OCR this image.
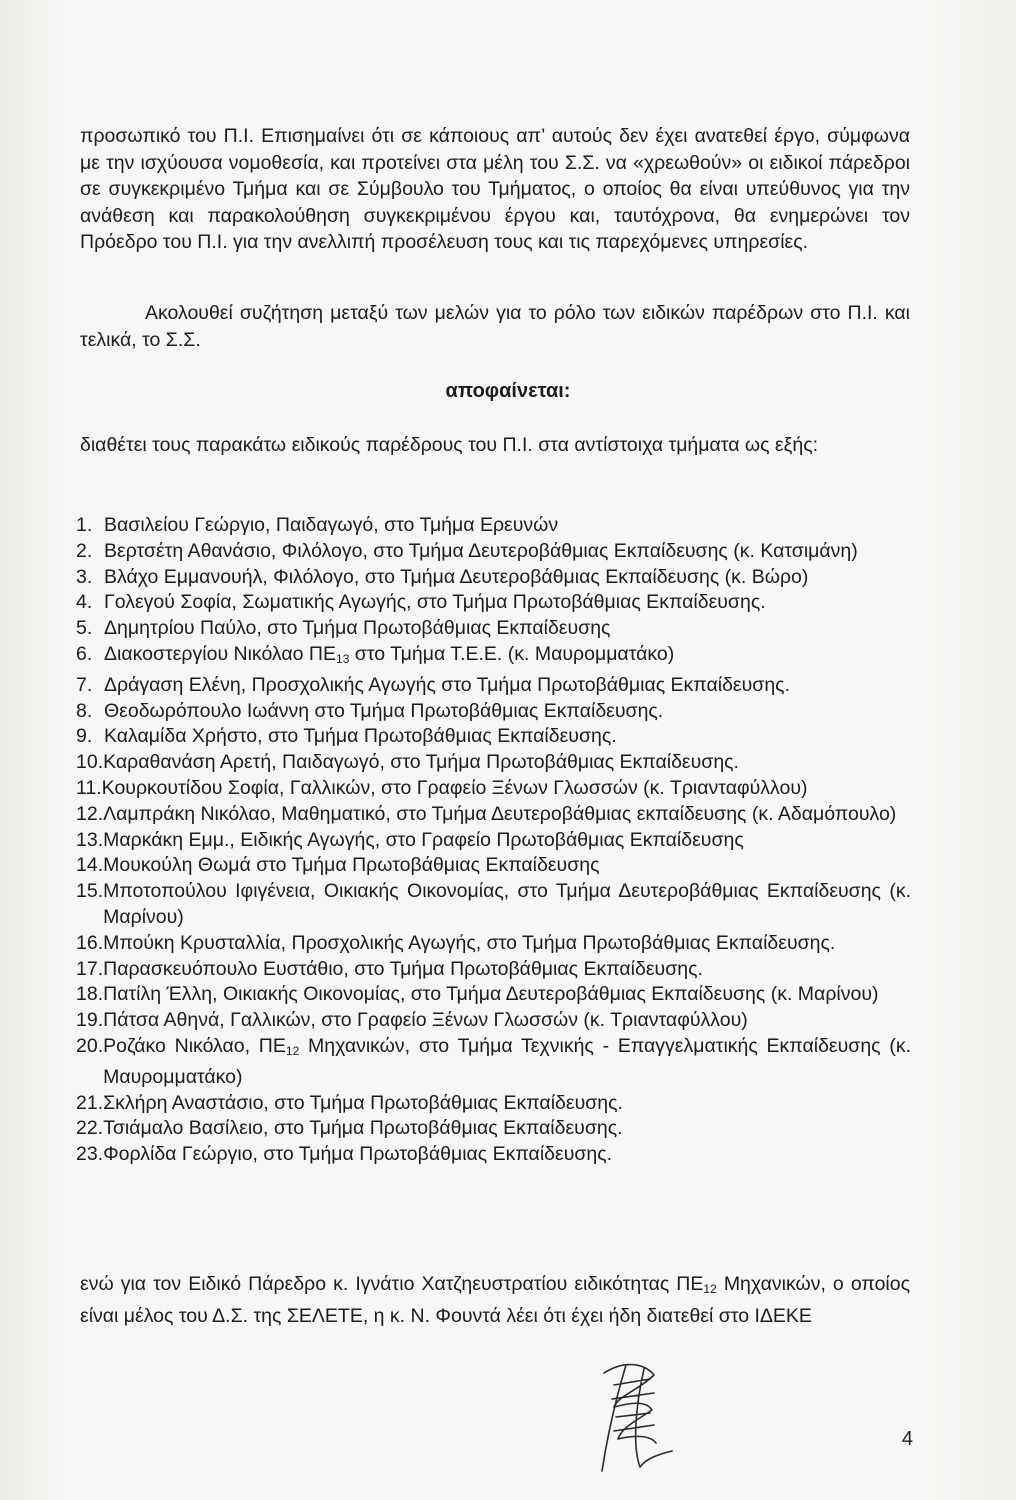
προσωπικό του Π.Ι. Επισημαίνει ότι σε κάποιους απ’ αυτούς δεν έχει ανατεθεί έργο, σύμφωνα με την ισχύουσα νομοθεσία, και προτείνει στα μέλη του Σ.Σ. να «χρεωθούν» οι ειδικοί πάρεδροι σε συγκεκριμένο Τμήμα και σε Σύμβουλο του Τμήματος, ο οποίος θα είναι υπεύθυνος για την ανάθεση και παρακολούθηση συγκεκριμένου έργου και, ταυτόχρονα, θα ενημερώνει τον Πρόεδρο του Π.Ι. για την ανελλιπή προσέλευση τους και τις παρεχόμενες υπηρεσίες.
Ακολουθεί συζήτηση μεταξύ των μελών για το ρόλο των ειδικών παρέδρων στο Π.Ι. και τελικά, το Σ.Σ.
αποφαίνεται:
διαθέτει τους παρακάτω ειδικούς παρέδρους του Π.Ι. στα αντίστοιχα τμήματα ως εξής:
1. Βασιλείου Γεώργιο, Παιδαγωγό, στο Τμήμα Ερευνών
2. Βερτσέτη Αθανάσιο, Φιλόλογο, στο Τμήμα Δευτεροβάθμιας Εκπαίδευσης (κ. Κατσιμάνη)
3. Βλάχο Εμμανουήλ, Φιλόλογο, στο Τμήμα Δευτεροβάθμιας Εκπαίδευσης (κ. Βώρο)
4. Γολεγού Σοφία, Σωματικής Αγωγής, στο Τμήμα Πρωτοβάθμιας Εκπαίδευσης.
5. Δημητρίου Παύλο, στο Τμήμα Πρωτοβάθμιας Εκπαίδευσης
6. Διακοστεργίου Νικόλαο $\Pi E_{13}$ στο Τμήμα Τ.Ε.Ε. (κ. Μαυρομματάκο)
7. Δράγαση Ελένη, Προσχολικής Αγωγής στο Τμήμα Πρωτοβάθμιας Εκπαίδευσης.
8. Θεοδωρόπουλο Ιωάννη στο Τμήμα Πρωτοβάθμιας Εκπαίδευσης.
9. Καλαμίδα Χρήστο, στο Τμήμα Πρωτοβάθμιας Εκπαίδευσης.
10. Καραθανάση Αρετή, Παιδαγωγό, στο Τμήμα Πρωτοβάθμιας Εκπαίδευσης.
11. Κουρκουτίδου Σοφία, Γαλλικών, στο Γραφείο Ξένων Γλωσσών (κ. Τριανταφύλλου)
12. Λαμπράκη Νικόλαο, Μαθηματικό, στο Τμήμα Δευτεροβάθμιας εκπαίδευσης (κ. Αδαμόπουλο)
13. Μαρκάκη Εμμ., Ειδικής Αγωγής, στο Γραφείο Πρωτοβάθμιας Εκπαίδευσης
14. Μουκούλη Θωμά στο Τμήμα Πρωτοβάθμιας Εκπαίδευσης
15. Μποτοπούλου Ιφιγένεια, Οικιακής Οικονομίας, στο Τμήμα Δευτεροβάθμιας Εκπαίδευσης (κ. Μαρίνου)
16. Μπούκη Κρυσταλλία, Προσχολικής Αγωγής, στο Τμήμα Πρωτοβάθμιας Εκπαίδευσης.
17. Παρασκευόπουλο Ευστάθιο, στο Τμήμα Πρωτοβάθμιας Εκπαίδευσης.
18. Πατίλη Έλλη, Οικιακής Οικονομίας, στο Τμήμα Δευτεροβάθμιας Εκπαίδευσης (κ. Μαρίνου)
19. Πάτσα Αθηνά, Γαλλικών, στο Γραφείο Ξένων Γλωσσών (κ. Τριανταφύλλου)
20. Ροζάκο Νικόλαο, $\Pi E_{12}$ Μηχανικών, στο Τμήμα Τεχνικής - Επαγγελματικής Εκπαίδευσης (κ. Μαυρομματάκο)
21. Σκλήρη Αναστάσιο, στο Τμήμα Πρωτοβάθμιας Εκπαίδευσης.
22. Τσιάμαλο Βασίλειο, στο Τμήμα Πρωτοβάθμιας Εκπαίδευσης.
23. Φορλίδα Γεώργιο, στο Τμήμα Πρωτοβάθμιας Εκπαίδευσης.
ενώ για τον Ειδικό Πάρεδρο κ. Ιγνάτιο Χατζηευστρατίου ειδικότητας $\Pi E_{12}$ Μηχανικών, ο οποίος είναι μέλος του Δ.Σ. της ΣΕΛΕΤΕ, η κ. Ν. Φουντά λέει ότι έχει ήδη διατεθεί στο ΙΔΕΚΕ
4
